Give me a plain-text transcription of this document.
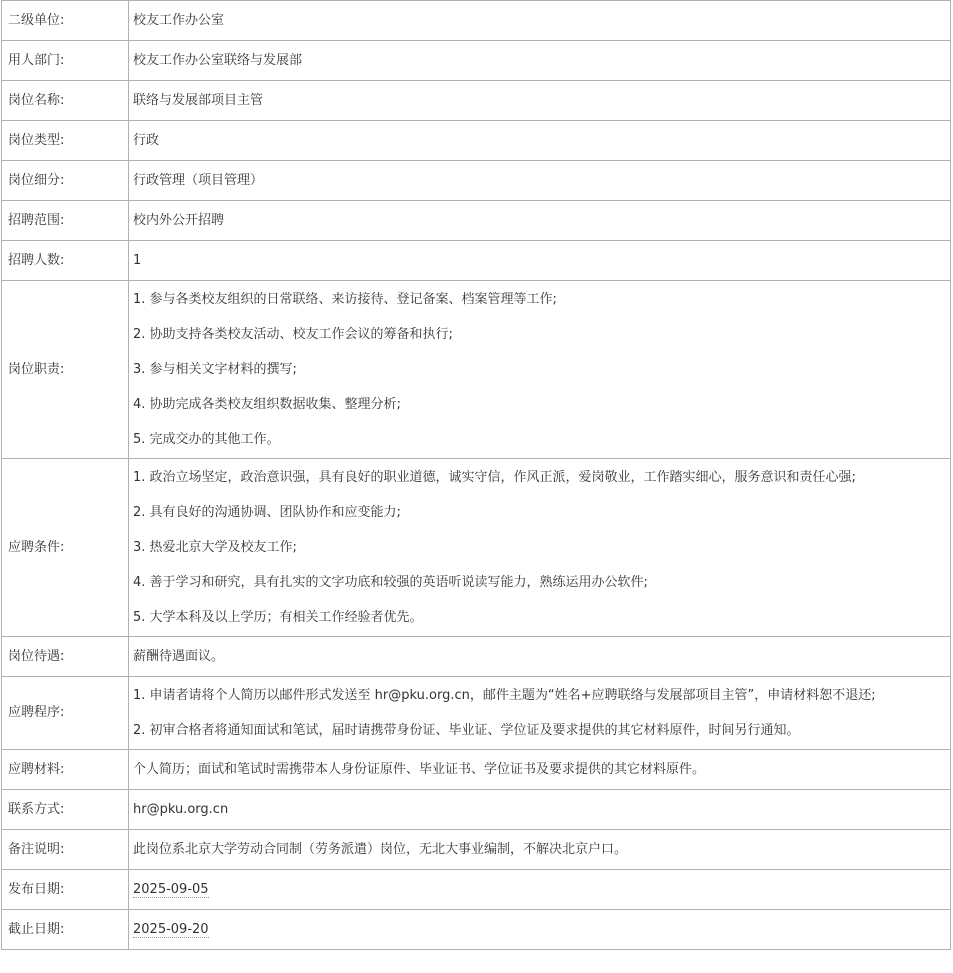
二级单位:	校友工作办公室
用人部门:	校友工作办公室联络与发展部
岗位名称:	联络与发展部项目主管
岗位类型:	行政
岗位细分:	行政管理（项目管理）
招聘范围:	校内外公开招聘
招聘人数:	1
岗位职责:	1. 参与各类校友组织的日常联络、来访接待、登记备案、档案管理等工作;
2. 协助支持各类校友活动、校友工作会议的筹备和执行;
3. 参与相关文字材料的撰写;
4. 协助完成各类校友组织数据收集、整理分析;
5. 完成交办的其他工作。

应聘条件:	1. 政治立场坚定，政治意识强，具有良好的职业道德，诚实守信，作风正派，爱岗敬业，工作踏实细心，服务意识和责任心强;
2. 具有良好的沟通协调、团队协作和应变能力;
3. 热爱北京大学及校友工作;
4. 善于学习和研究，具有扎实的文字功底和较强的英语听说读写能力，熟练运用办公软件;
5. 大学本科及以上学历；有相关工作经验者优先。

岗位待遇:	薪酬待遇面议。
应聘程序:	1. 申请者请将个人简历以邮件形式发送至 hr@pku.org.cn，邮件主题为“姓名+应聘联络与发展部项目主管”，申请材料恕不退还;
2. 初审合格者将通知面试和笔试，届时请携带身份证、毕业证、学位证及要求提供的其它材料原件，时间另行通知。

应聘材料:	个人简历；面试和笔试时需携带本人身份证原件、毕业证书、学位证书及要求提供的其它材料原件。
联系方式:	hr@pku.org.cn
备注说明:	此岗位系北京大学劳动合同制（劳务派遣）岗位，无北大事业编制，不解决北京户口。
发布日期:	2025-09-05
截止日期:	2025-09-20
